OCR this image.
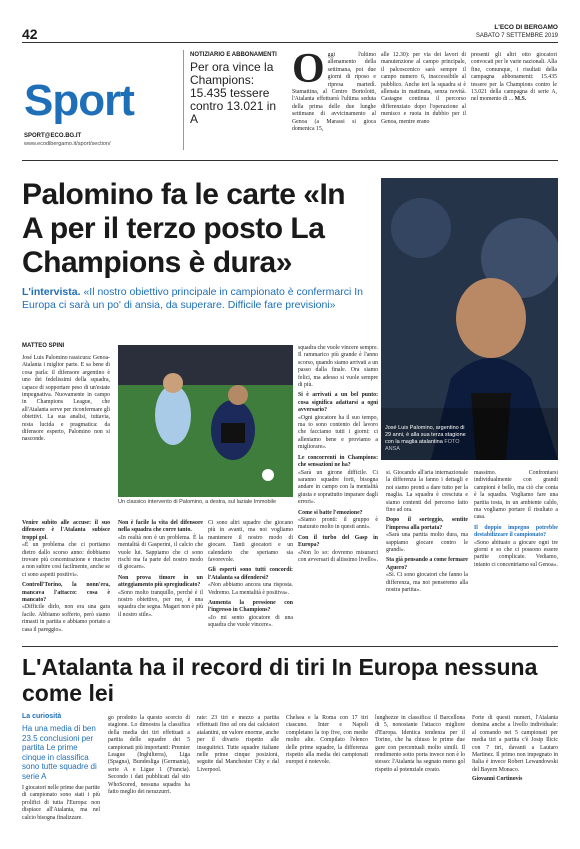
42	L'ECO DI BERGAMO
SABATO 7 SETTEMBRE 2019
Sport
SPORT@ECO.BG.IT
www.ecodibergamo.it/sport/section/
NOTIZIARIO E ABBONAMENTI
Per ora vince la Champions: 15.435 tessere contro 13.021 in A
Oggi l'ultimo allenamento della settimana, poi due giorni di riposo e ripresa martedì. Stamattina, al Centro Bortolotti, l'Atalanta effettuerà l'ultima seduta della prima delle due lunghe settimane di avvicinamento al Genoa (a Marassi si gioca domenica 15,
alle 12.30): per via dei lavori di manutenzione al campo principale, il palcoscenico sarà sempre il campo numero 6, inaccessibile al pubblico. Anche ieri la squadra si è allenata in mattinata, senza novità. Castagne continua il percorso differenziato dopo l'operazione al menisco e ruota in dubbio per il Genoa, mentre erano
presenti gli altri otto giocatori convocati per le varie nazionali. Alla fine, comunque, i risultati della campagna abbonamenti: 15.435 tessere per la Champions contro le 13.021 della campagna di serie A, nel momento di ... M.S.
Palomino fa le carte «In A per il terzo posto La Champions è dura»
José Luis Palomino, argentino di 29 anni, è alla sua terza stagione con la maglia atalantina FOTO ANSA
L'intervista. «Il nostro obiettivo principale in campionato è confermarci In Europa ci sarà un po' di ansia, da superare. Difficile fare previsioni»
MATTEO SPINI
José Luis Palomino rassicura: Genoa-Atalanta i miglior parte. E sa bene di cosa parla: il difensore argentino è uno dei fedelissimi della squadra, capace di sopportare peso di un'estate impegnativa. Nuovamente in campo in Champions League, che all'Atalanta serve per riconfermare gli obiettivi. La sua analisi, tuttavia, resta lucida e pragmatica: da difensore esperto, Palomino non si nasconde.
Venire subito alle accuse: il suo difensore è l'Atalanta subisce troppi gol.
«È un problema che ci portiamo dietro dallo scorso anno: dobbiamo trovare più concentrazione e riuscire a non subire così facilmente, anche se ci sono aspetti positivi».
Controll'Torino, la nonn'era, mancava l'attacco: cosa è mancato?
«Difficile dirlo, non era una gara facile. Abbiamo sofferto, però siamo rimasti in partita e abbiamo portato a casa il pareggio».
Un classico intervento di Palomino, a destra, sul laziale Immobile
Non è facile la vita del difensore nella squadra che corre tanto.
«In realtà non è un problema. È la mentalità di Gasperini, il calcio che vuole lui. Sappiamo che ci sono rischi ma fa parte del nostro modo di giocare».
Non prova timore in un atteggiamento più spregiudicato?
«Sono molto tranquillo, perché è il nostro obiettivo, per me, è una squadra che segna. Magari non è più il nostro stile».
Ci sono altri squadre che giocano più in avanti, ma noi vogliamo mantenere il nostro modo di giocare. Tanti giocatori e un calendario che speriamo sia favorevole.
Gli esperti sono tutti concordi: l'Atalanta sa difendersi?
«Non abbiamo ancora una risposta. Vedremo. La mentalità è positiva».
Aumenta la pressione con l'ingresso in Champions?
«Io mi sento giocatore di una squadra che vuole vincere».
squadra che vuole vincere sempre. Il rammarico più grande è l'anno scorso, quando siamo arrivati a un passo dalla finale. Ora siamo felici, ma adesso si vuole sempre di più.
Si è arrivati a un bel punto: cosa significa adattarsi a ogni avversario?
«Ogni giocatore ha il suo tempo, ma io sono contento del lavoro che facciamo tutti i giorni: ci alleniamo bene e proviamo a migliorare».
Le concorrenti in Champions: che sensazioni ne ha?
«Sarà un girone difficile. Ci saranno squadre forti, bisogna andare in campo con la mentalità giusta e soprattutto imparare dagli errori».
Come si batte l'emozione?
«Siamo pronti: il gruppo è maturato molto in questi anni».
Con il turbo del Gasp in Europa?
«Non lo so: dovremo misurarci con avversari di altissimo livello».
si. Giocando all'aria internazionale la differenza la fanno i dettagli e noi siamo pronti a dare tutto per la maglia. La squadra è cresciuta e siamo contenti del percorso fatto fino ad ora.
Dopo il sorteggio, sentite l'impresa alla portata?
«Sarà una partita molto dura, ma sappiamo giocare contro le grandi».
Sta già pensando a come fermare Aguero?
«Sì. Ci sono giocatori che fanno la differenza, ma noi penseremo alla nostra partita».
massimo. Confrontarsi individualmente con grandi campioni è bello, ma ciò che conta è la squadra. Vogliamo fare una partita tosta, in un ambiente caldo, ma vogliamo portare il risultato a casa.
Il doppio impegno potrebbe destabilizzare il campionato?
«Sono abituato a giocare ogni tre giorni e so che ci possono essere partite complicate. Vediamo, intanto ci concentriamo sul Genoa».
L'Atalanta ha il record di tiri In Europa nessuna come lei
La curiosità
Ha una media di ben 23.5 conclusioni per partita Le prime cinque in classifica sono tutte squadre di serie A
I giocatori nelle prime due partite di campionato sono stati i più prolifici di tutta l'Europa: non dispiace all'Atalanta, ma nel calcio bisogna finalizzare.
go prodotto la questo scorcio di stagione. Lo dimostra la classifica della media dei tiri effettuati a partita delle squadre dei 5 campionati più importanti: Premier League (Inghilterra), Liga (Spagna), Bundesliga (Germania), serie A e Ligue 1 (Francia). Secondo i dati pubblicati dal sito WhoScored, nessuna squadra ha fatto meglio dei nerazzurri.
rate: 23 tiri e mezzo a partita effettuati fino ad ora dai calciatori atalantini, un valore enorme, anche per il divario rispetto alle inseguitrici. Tutte squadre italiane nelle prime cinque posizioni, seguite dal Manchester City e dal Liverpool.
Chelsea e la Roma con 17 tiri ciascuno. Inter e Napoli completano la top five, con medie molto alte. Compilato l'elenco delle prime squadre, la differenza rispetto alla media dei campionati europei è notevole.
lunghezze in classifica: il Barcellona di 5, nonostante l'attacco migliore d'Europa. Identica tendenza per il Torino, che ha chiuso le prime due gare con percentuali molto simili. Il rendimento sotto porta invece non è lo stesso: l'Atalanta ha segnato meno gol rispetto al potenziale creato.
Forte di questi numeri, l'Atalanta domina anche a livello individuale: al comando nei 5 campionati per media tiri a partita c'è Josip Ilicic con 7 tiri, davanti a Lautaro Martinez. Il primo non impegnato in Italia è invece Robert Lewandowski del Bayern Monaco.
Giovanni Cortinovis
